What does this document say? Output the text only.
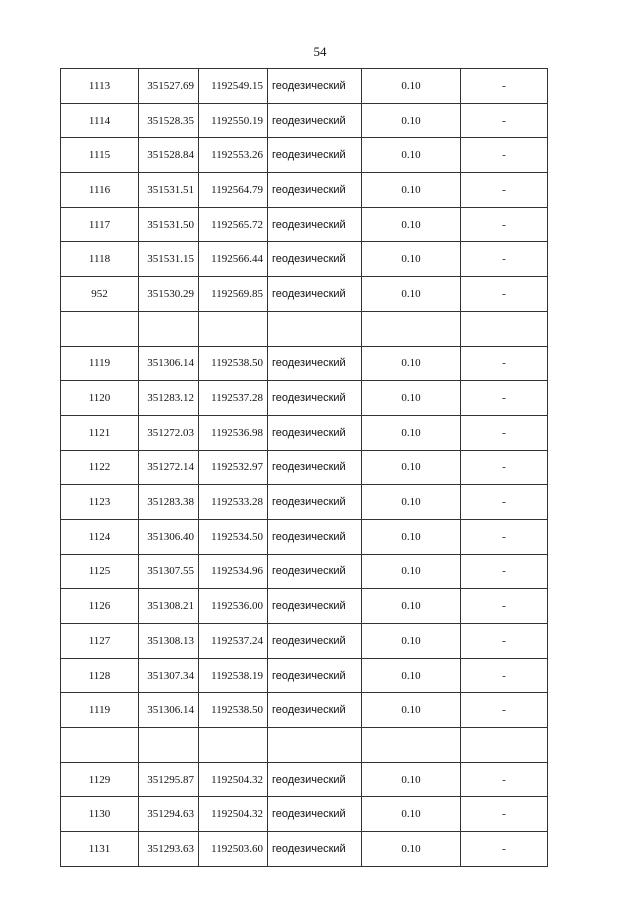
54
1113	351527.69	1192549.15	геодезический	0.10	-
1114	351528.35	1192550.19	геодезический	0.10	-
1115	351528.84	1192553.26	геодезический	0.10	-
1116	351531.51	1192564.79	геодезический	0.10	-
1117	351531.50	1192565.72	геодезический	0.10	-
1118	351531.15	1192566.44	геодезический	0.10	-
952	351530.29	1192569.85	геодезический	0.10	-

1119	351306.14	1192538.50	геодезический	0.10	-
1120	351283.12	1192537.28	геодезический	0.10	-
1121	351272.03	1192536.98	геодезический	0.10	-
1122	351272.14	1192532.97	геодезический	0.10	-
1123	351283.38	1192533.28	геодезический	0.10	-
1124	351306.40	1192534.50	геодезический	0.10	-
1125	351307.55	1192534.96	геодезический	0.10	-
1126	351308.21	1192536.00	геодезический	0.10	-
1127	351308.13	1192537.24	геодезический	0.10	-
1128	351307.34	1192538.19	геодезический	0.10	-
1119	351306.14	1192538.50	геодезический	0.10	-

1129	351295.87	1192504.32	геодезический	0.10	-
1130	351294.63	1192504.32	геодезический	0.10	-
1131	351293.63	1192503.60	геодезический	0.10	-
